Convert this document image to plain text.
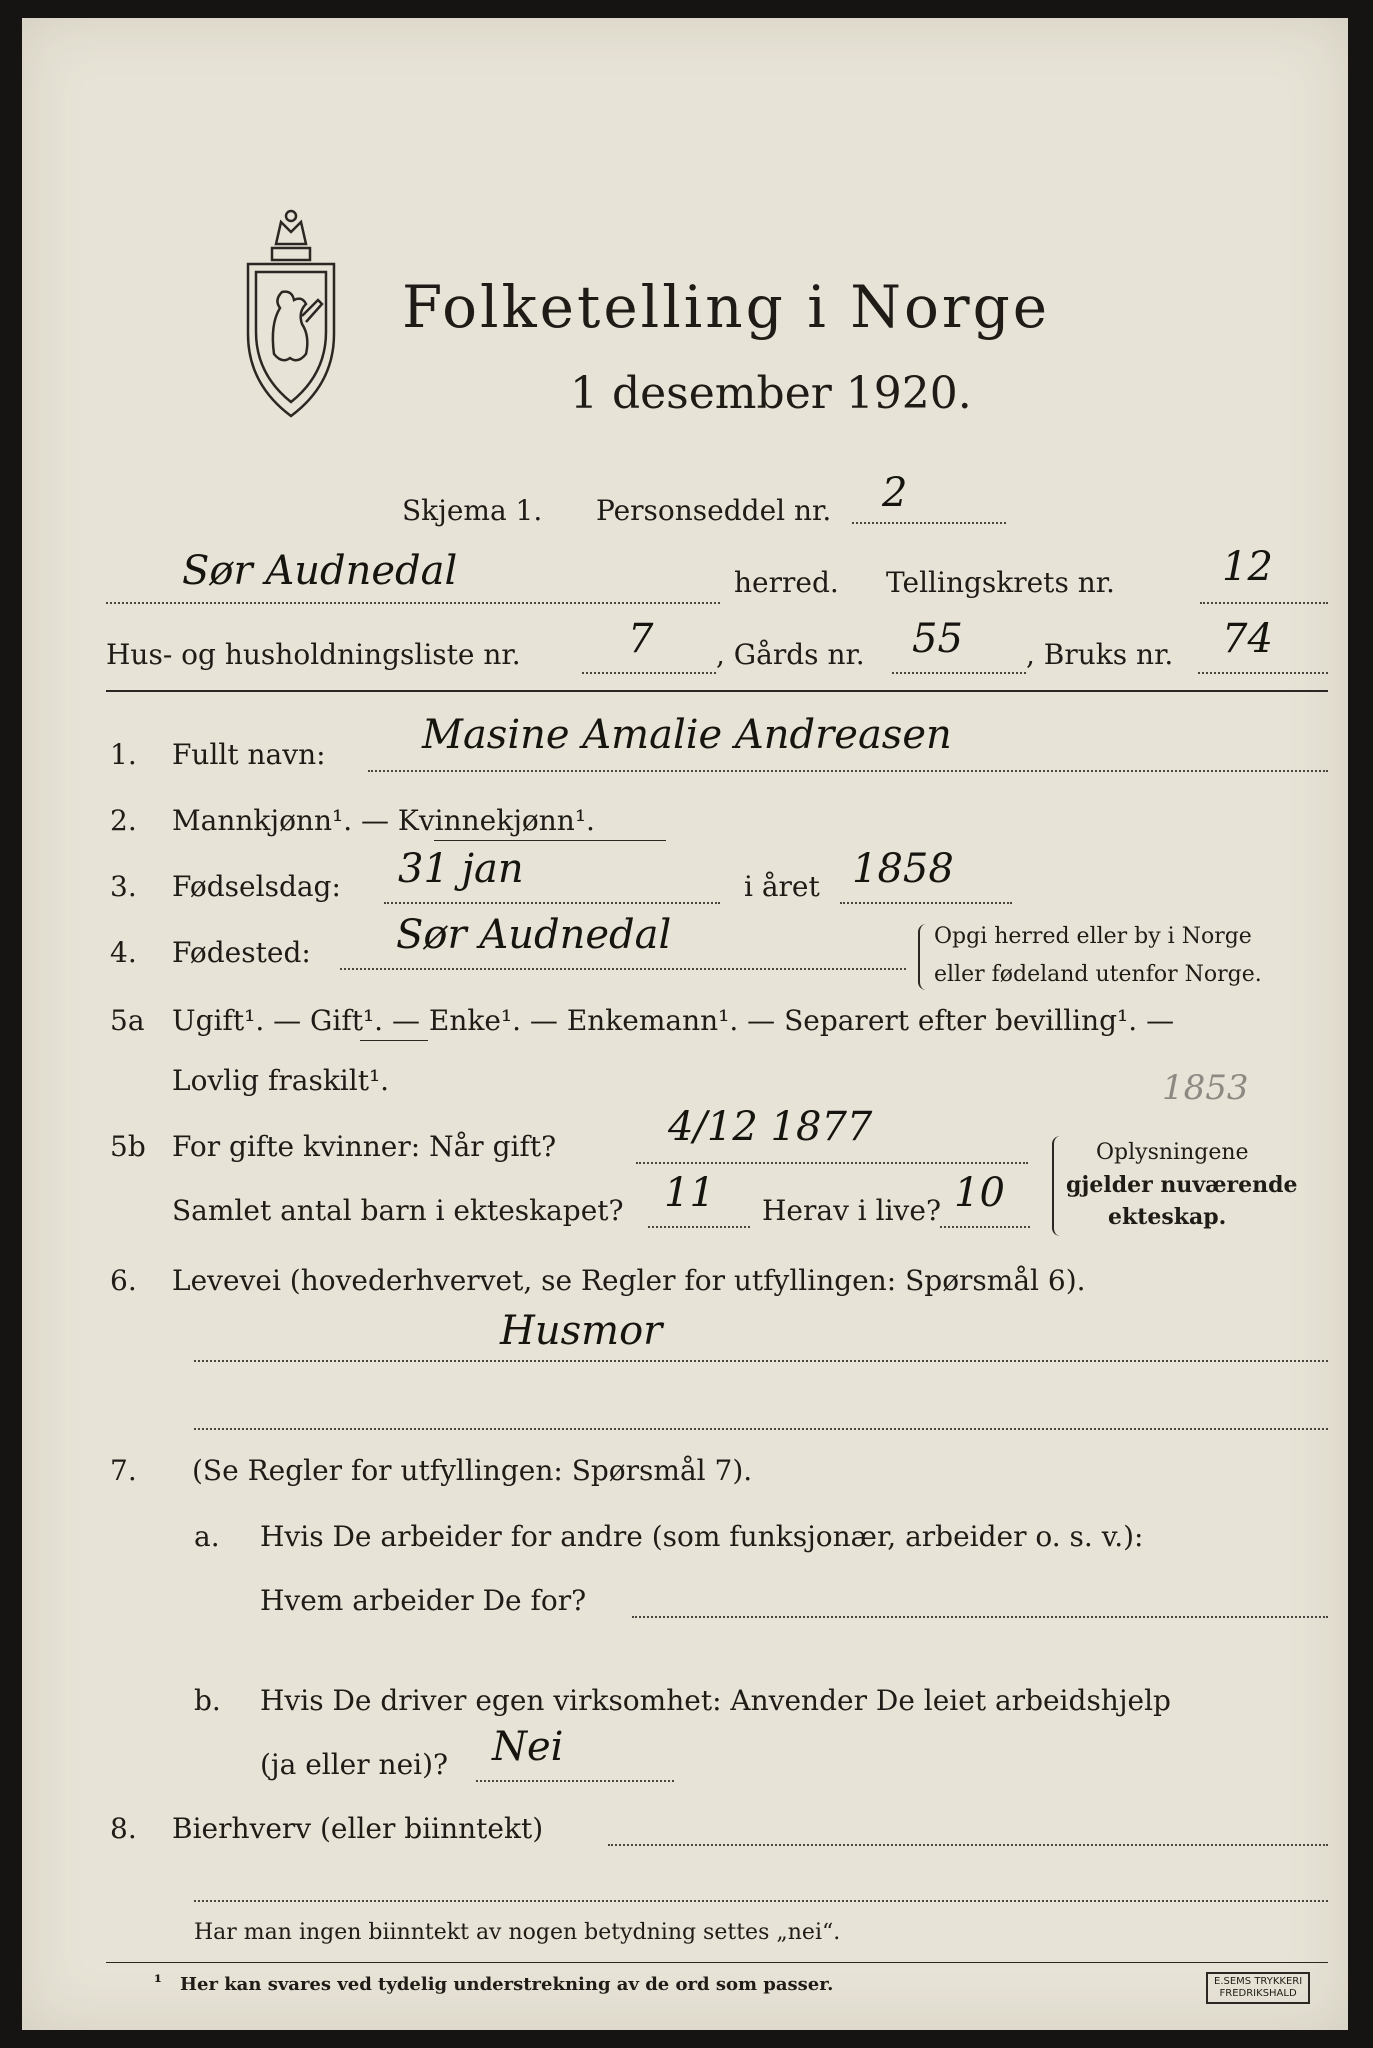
Folketelling i Norge
1 desember 1920.
Skjema 1. Personseddel nr. 2
Sør Audnedal	herred. Tellingskrets nr.	12
Hus- og husholdningsliste nr.	7 , Gårds nr. 55 , Bruks nr. 74
1. Fullt navn: Masine Amalie Andreasen
2. Mannkjønn¹. — Kvinnekjønn¹.
3. Fødselsdag: 31 jan	i året 1858
4. Fødested: Sør Audnedal	Opgi herred eller by i Norge
eller fødeland utenfor Norge.
5a Ugift¹. — Gift¹. — Enke¹. — Enkemann¹. — Separert efter bevilling¹. —
Lovlig fraskilt¹.	1853
5b For gifte kvinner: Når gift?	4/12 1877
Samlet antal barn i ekteskapet? 11 Herav i live? 10
Oplysningene
gjelder nuværende
ekteskap.
6. Levevei (hovederhvervet, se Regler for utfyllingen: Spørsmål 6).
Husmor
7. (Se Regler for utfyllingen: Spørsmål 7).
a. Hvis De arbeider for andre (som funksjonær, arbeider o. s. v.):
Hvem arbeider De for?
b. Hvis De driver egen virksomhet: Anvender De leiet arbeidshjelp
(ja eller nei)? Nei
8. Bierhverv (eller biinntekt)
Har man ingen biinntekt av nogen betydning settes „nei“.
¹ Her kan svares ved tydelig understrekning av de ord som passer.	E.SEMS TRYKKERI
FREDRIKSHALD
